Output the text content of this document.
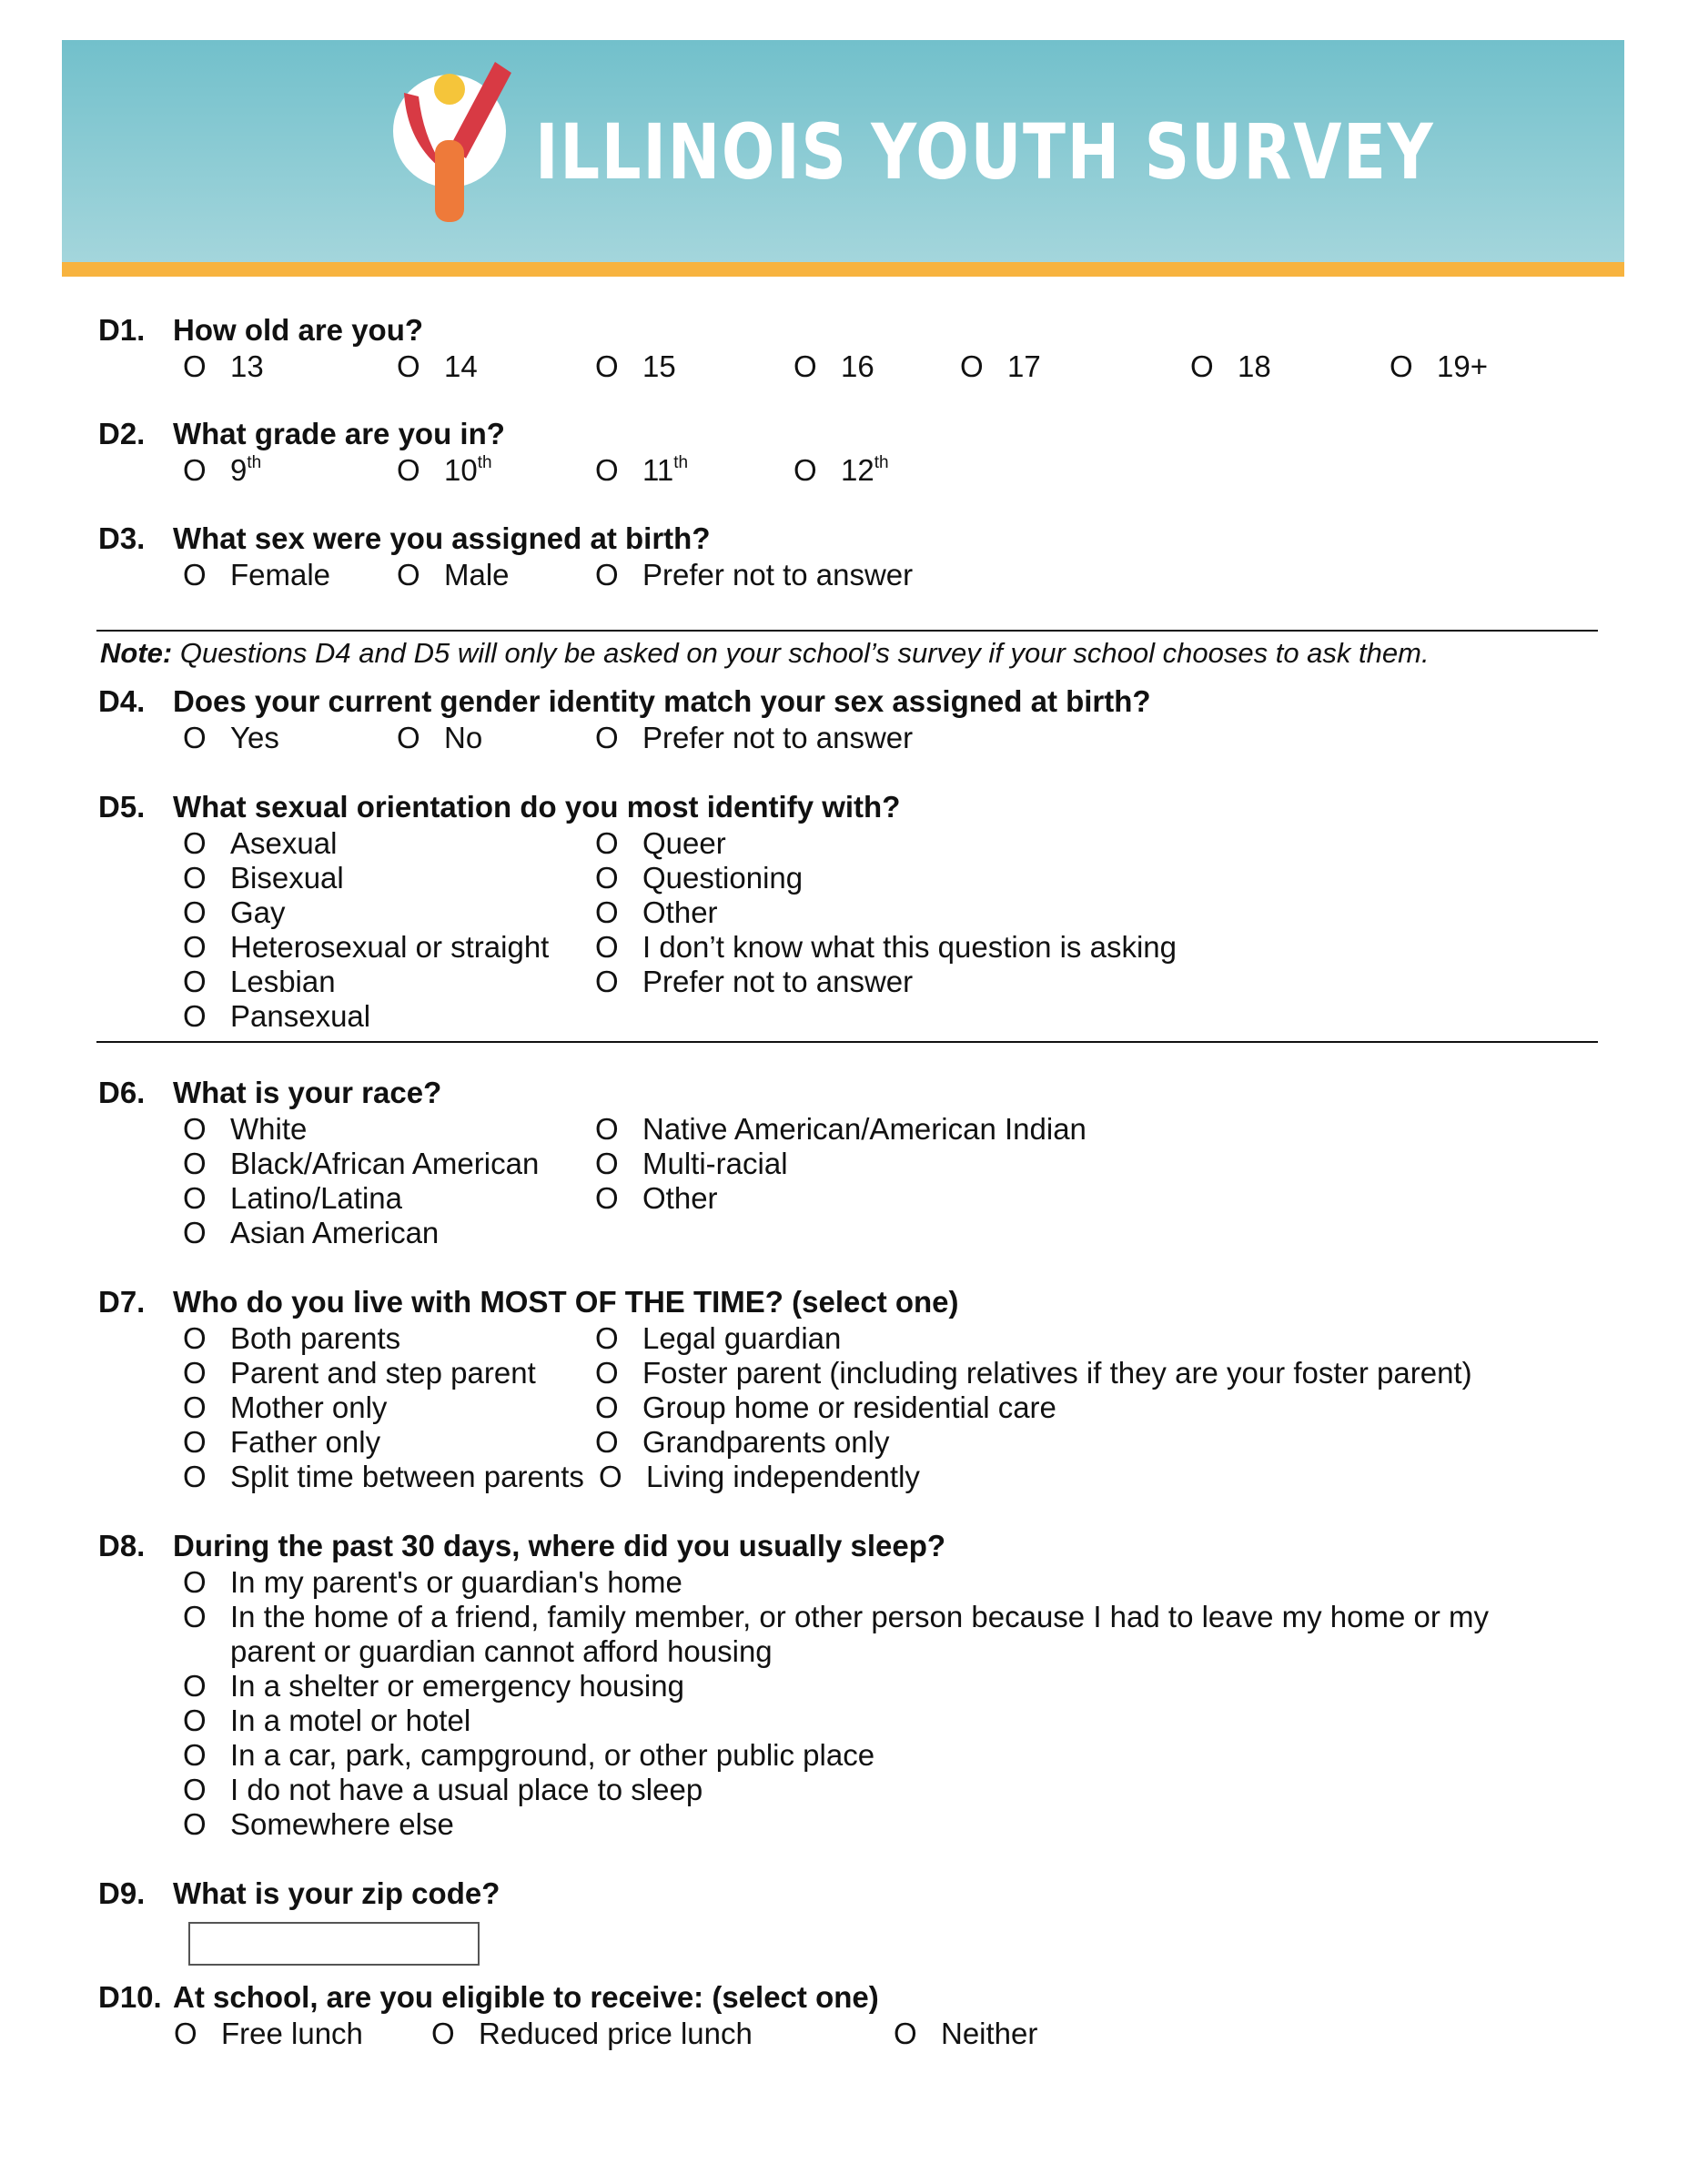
ILLINOIS YOUTH SURVEY
D1. How old are you?
O 13	O 14	O 15	O 16	O 17	O 18	O 19+
D2. What grade are you in?
O 9th	O 10th	O 11th	O 12th
D3. What sex were you assigned at birth?
O Female O Male	O Prefer not to answer
Note: Questions D4 and D5 will only be asked on your school’s survey if your school chooses to ask them.
D4. Does your current gender identity match your sex assigned at birth?
O Yes	O No	O Prefer not to answer
D5. What sexual orientation do you most identify with?
O Asexual
O Bisexual
O Gay
O Heterosexual or straight
O Lesbian
O Pansexual
O Queer
O Questioning
O Other
O I don’t know what this question is asking
O Prefer not to answer
D6. What is your race?
O White
O Black/African American
O Latino/Latina
O Asian American
O Native American/American Indian
O Multi-racial
O Other
D7. Who do you live with MOST OF THE TIME? (select one)
O Both parents
O Parent and step parent
O Mother only
O Father only
O Split time between parents
O Legal guardian
O Foster parent (including relatives if they are your foster parent)
O Group home or residential care
O Grandparents only
O Living independently
D8. During the past 30 days, where did you usually sleep?
O In my parent's or guardian's home
O In the home of a friend, family member, or other person because I had to leave my home or my
parent or guardian cannot afford housing
O In a shelter or emergency housing
O In a motel or hotel
O In a car, park, campground, or other public place
O I do not have a usual place to sleep
O Somewhere else
D9. What is your zip code?
D10. At school, are you eligible to receive: (select one)
O Free lunch O Reduced price lunch	O Neither
